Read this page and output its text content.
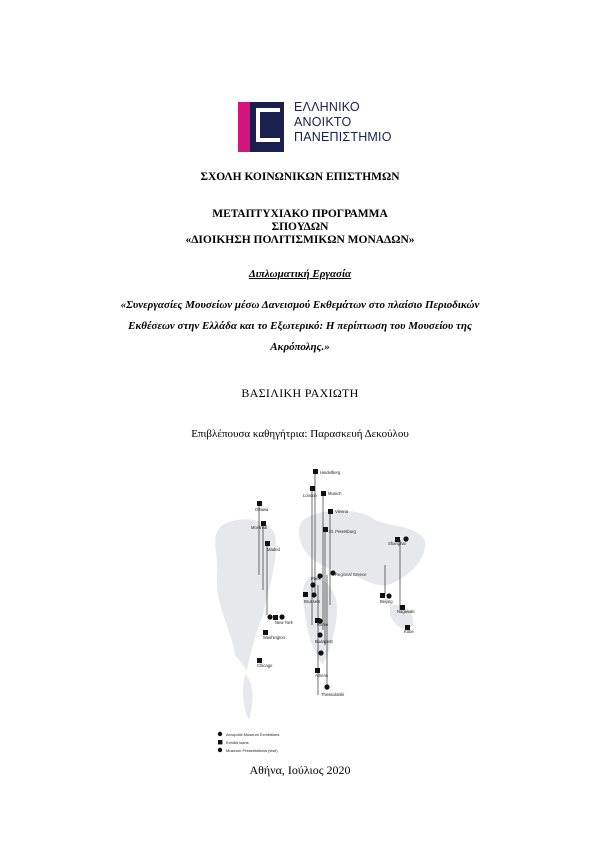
ΕΛΛΗΝΙΚΟ
ΑΝΟΙΚΤΟ
ΠΑΝΕΠΙΣΤΗΜΙΟ
ΣΧΟΛΗ ΚΟΙΝΩΝΙΚΩΝ ΕΠΙΣΤΗΜΩΝ
ΜΕΤΑΠΤΥΧΙΑΚΟ ΠΡΟΓΡΑΜΜΑ
ΣΠΟΥΔΩΝ
«ΔΙΟΙΚΗΣΗ ΠΟΛΙΤΙΣΜΙΚΩΝ ΜΟΝΑΔΩΝ»
Διπλωματική Εργασία
«Συνεργασίες Μουσείων μέσω Δανεισμού Εκθεμάτων στο πλαίσιο Περιοδικών
Εκθέσεων στην Ελλάδα και το Εξωτερικό: Η περίπτωση του Μουσείου της
Ακρόπολης.»
ΒΑΣΙΛΙΚΗ ΡΑΧΙΩΤΗ
Επιβλέπουσα καθηγήτρια: Παρασκευή Δεκούλου
Heidelberg
London	Munich
Vienna
St. Petersburg
Ottawa
Montreal
Madrid
Paris
Brussels
Regional Greece
New York
Washington
Chicago
Rome
Budapest
Athens
Thessaloniki
Shanghai
Beijing
Nagasaki
Kobe
Acropolis Museum Exhibitions
Exhibit loans
Museum Presentations (visit)
Αθήνα, Ιούλιος 2020
